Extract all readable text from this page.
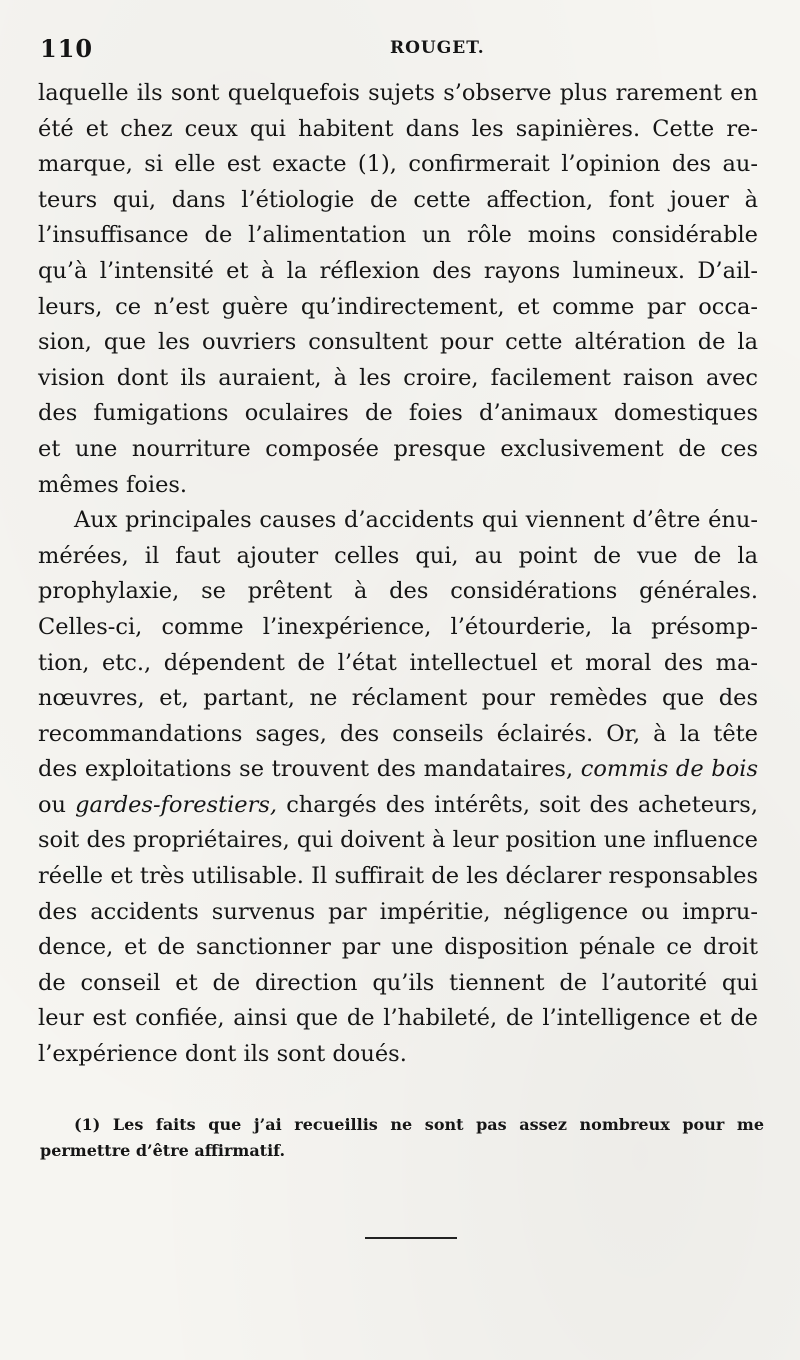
110	ROUGET.
laquelle ils sont quelquefois sujets s’observe plus rarement en
été et chez ceux qui habitent dans les sapinières. Cette re-
marque, si elle est exacte (1), confirmerait l’opinion des au-
teurs qui, dans l’étiologie de cette affection, font jouer à
l’insuffisance de l’alimentation un rôle moins considérable
qu’à l’intensité et à la réflexion des rayons lumineux. D’ail-
leurs, ce n’est guère qu’indirectement, et comme par occa-
sion, que les ouvriers consultent pour cette altération de la
vision dont ils auraient, à les croire, facilement raison avec
des fumigations oculaires de foies d’animaux domestiques
et une nourriture composée presque exclusivement de ces
mêmes foies.
Aux principales causes d’accidents qui viennent d’être énu-
mérées, il faut ajouter celles qui, au point de vue de la
prophylaxie, se prêtent à des considérations générales.
Celles-ci, comme l’inexpérience, l’étourderie, la présomp-
tion, etc., dépendent de l’état intellectuel et moral des ma-
nœuvres, et, partant, ne réclament pour remèdes que des
recommandations sages, des conseils éclairés. Or, à la tête
des exploitations se trouvent des mandataires, commis de bois
ou gardes-forestiers, chargés des intérêts, soit des acheteurs,
soit des propriétaires, qui doivent à leur position une influence
réelle et très utilisable. Il suffirait de les déclarer responsables
des accidents survenus par impéritie, négligence ou impru-
dence, et de sanctionner par une disposition pénale ce droit
de conseil et de direction qu’ils tiennent de l’autorité qui
leur est confiée, ainsi que de l’habileté, de l’intelligence et de
l’expérience dont ils sont doués.
(1) Les faits que j’ai recueillis ne sont pas assez nombreux pour me
permettre d’être affirmatif.
